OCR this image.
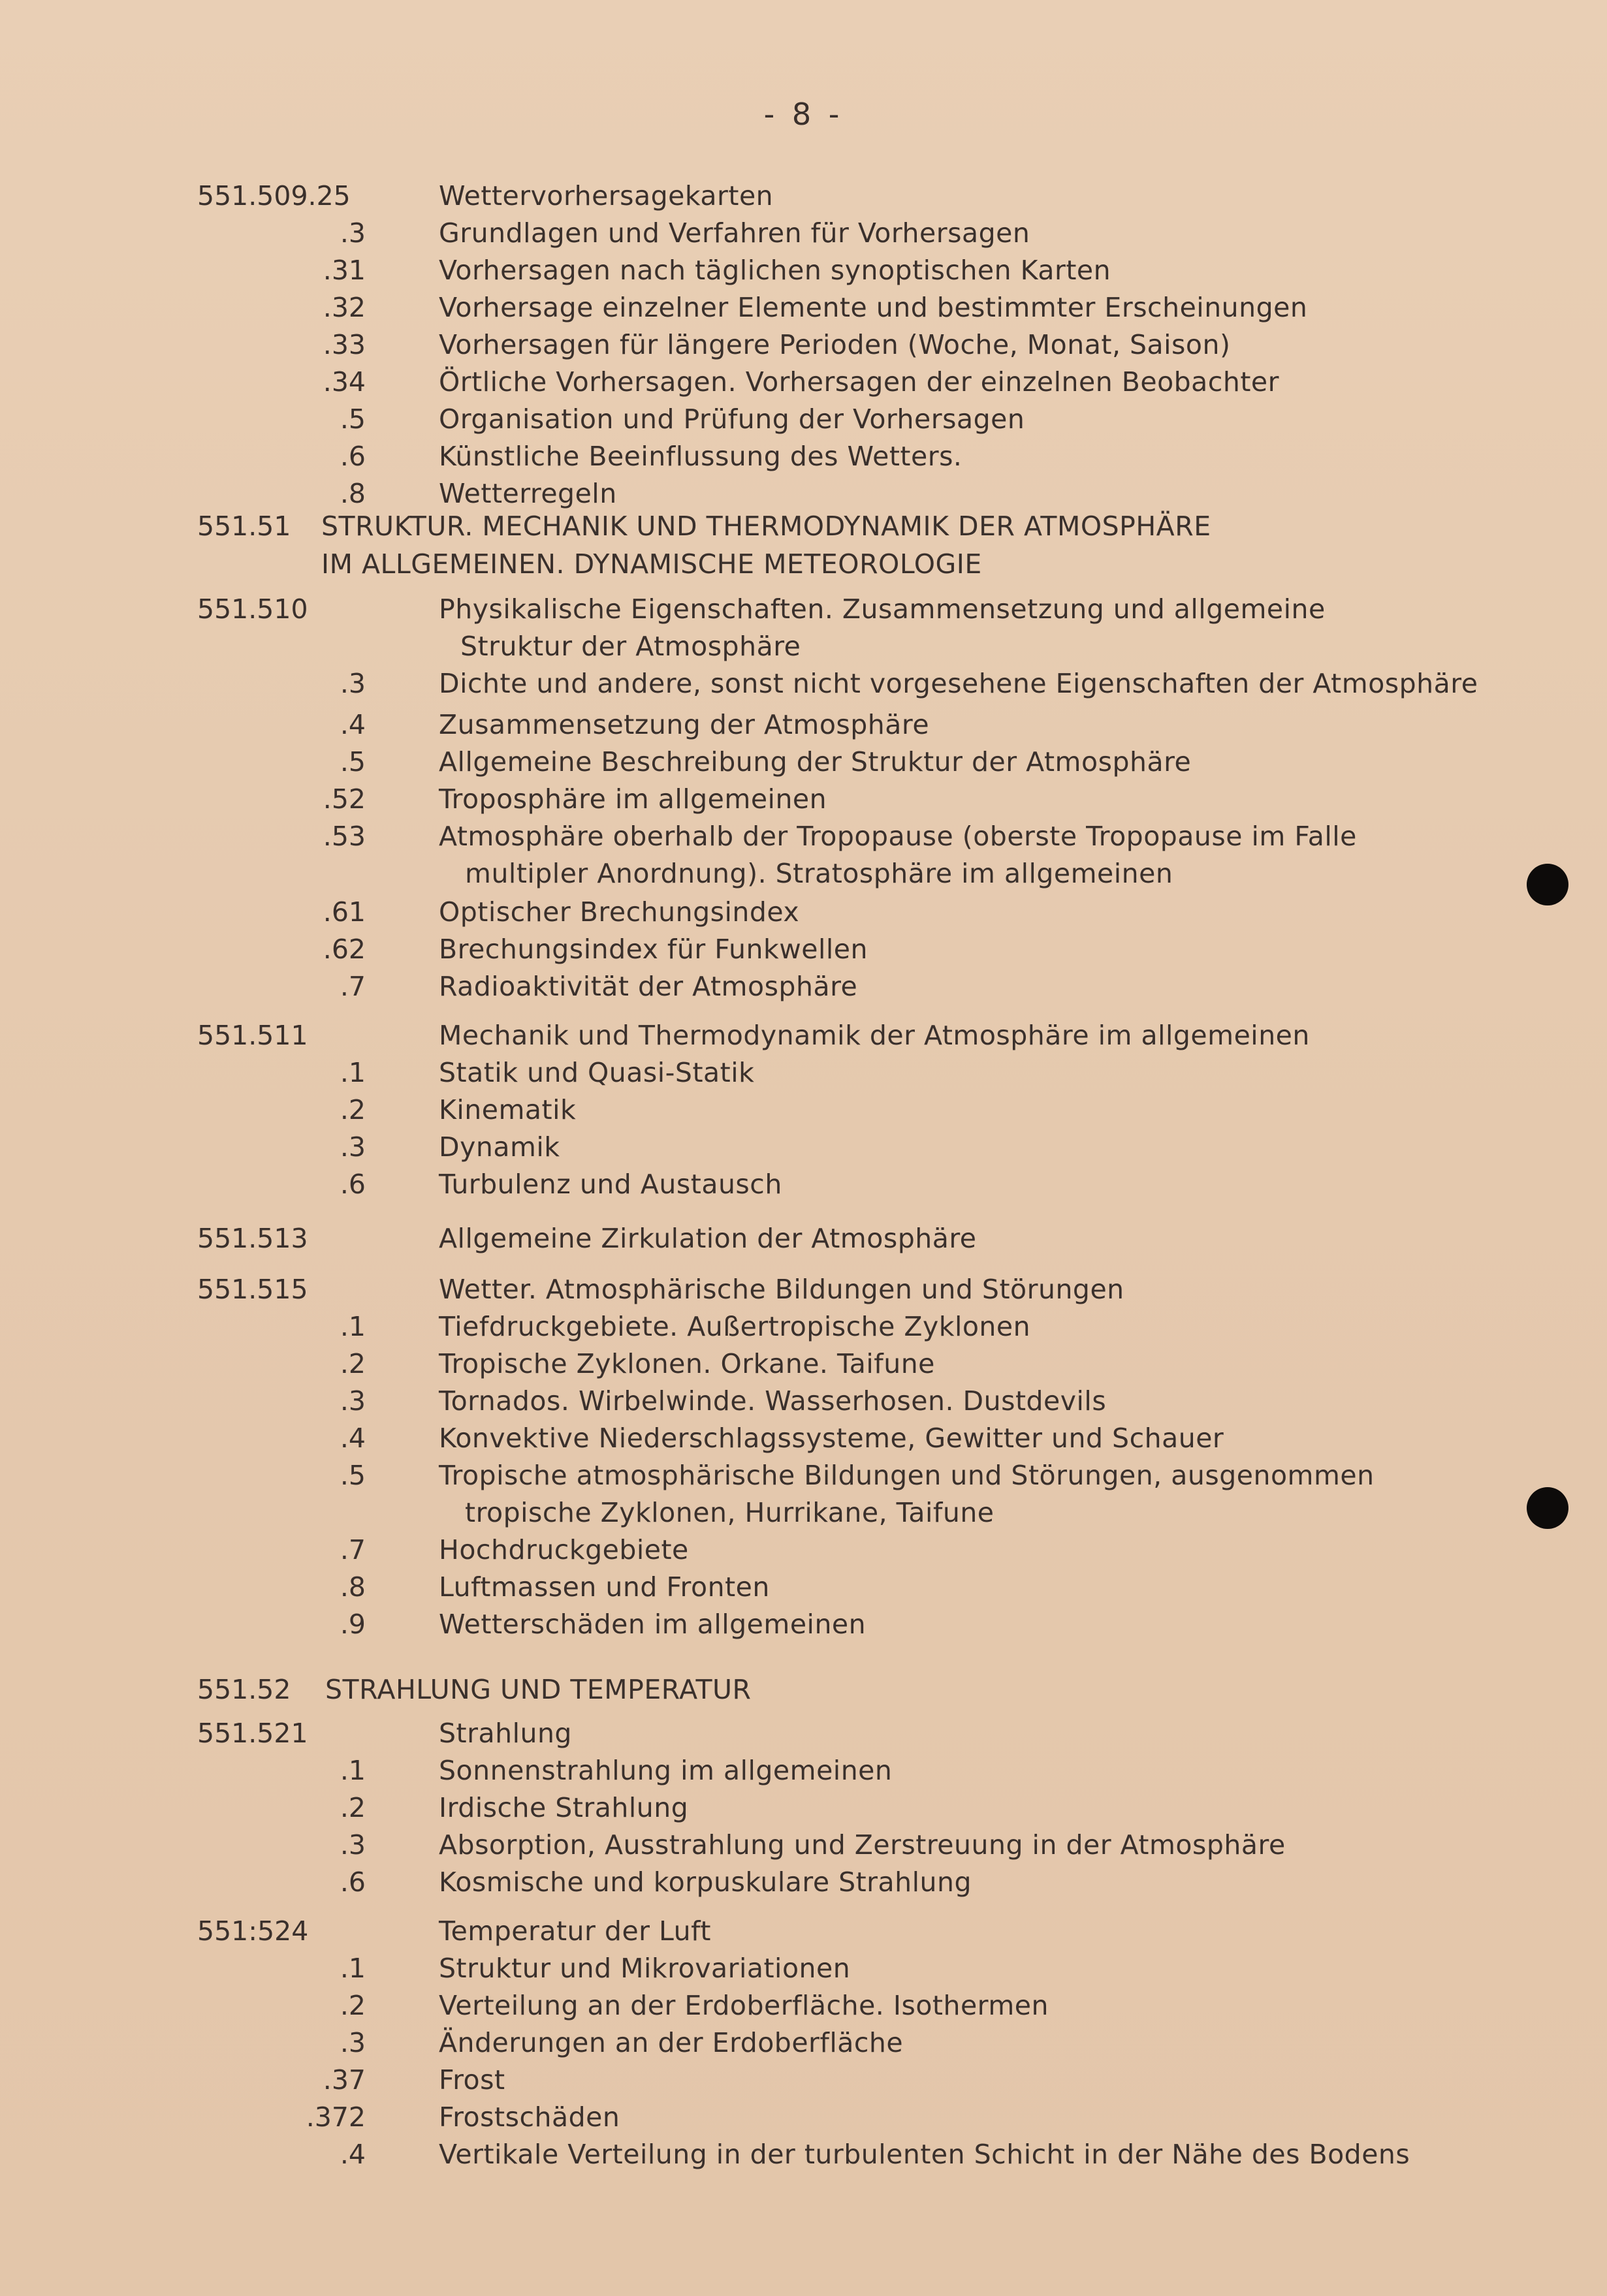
- 8 -
551.509.25	Wettervorhersagekarten
.3	Grundlagen und Verfahren für Vorhersagen
.31	Vorhersagen nach täglichen synoptischen Karten
.32	Vorhersage einzelner Elemente und bestimmter Erscheinungen
.33	Vorhersagen für längere Perioden (Woche, Monat, Saison)
.34	Örtliche Vorhersagen. Vorhersagen der einzelnen Beobachter
.5	Organisation und Prüfung der Vorhersagen
.6	Künstliche Beeinflussung des Wetters.
.8	Wetterregeln
551.51 STRUKTUR. MECHANIK UND THERMODYNAMIK DER ATMOSPHÄRE
IM ALLGEMEINEN. DYNAMISCHE METEOROLOGIE
551.510	Physikalische Eigenschaften. Zusammensetzung und allgemeine
Struktur der Atmosphäre
.3	Dichte und andere, sonst nicht vorgesehene Eigenschaften der Atmosphäre
.4	Zusammensetzung der Atmosphäre
.5	Allgemeine Beschreibung der Struktur der Atmosphäre
.52	Troposphäre im allgemeinen
.53	Atmosphäre oberhalb der Tropopause (oberste Tropopause im Falle
multipler Anordnung). Stratosphäre im allgemeinen
.61	Optischer Brechungsindex
.62	Brechungsindex für Funkwellen
.7	Radioaktivität der Atmosphäre
551.511	Mechanik und Thermodynamik der Atmosphäre im allgemeinen
.1	Statik und Quasi-Statik
.2	Kinematik
.3	Dynamik
.6	Turbulenz und Austausch
551.513	Allgemeine Zirkulation der Atmosphäre
551.515	Wetter. Atmosphärische Bildungen und Störungen
.1	Tiefdruckgebiete. Außertropische Zyklonen
.2	Tropische Zyklonen. Orkane. Taifune
.3	Tornados. Wirbelwinde. Wasserhosen. Dustdevils
.4	Konvektive Niederschlagssysteme, Gewitter und Schauer
.5	Tropische atmosphärische Bildungen und Störungen, ausgenommen
tropische Zyklonen, Hurrikane, Taifune
.7	Hochdruckgebiete
.8	Luftmassen und Fronten
.9	Wetterschäden im allgemeinen
551.52 STRAHLUNG UND TEMPERATUR
551.521	Strahlung
.1	Sonnenstrahlung im allgemeinen
.2	Irdische Strahlung
.3	Absorption, Ausstrahlung und Zerstreuung in der Atmosphäre
.6	Kosmische und korpuskulare Strahlung
551:524	Temperatur der Luft
.1	Struktur und Mikrovariationen
.2	Verteilung an der Erdoberfläche. Isothermen
.3	Änderungen an der Erdoberfläche
.37	Frost
.372	Frostschäden
.4	Vertikale Verteilung in der turbulenten Schicht in der Nähe des Bodens
